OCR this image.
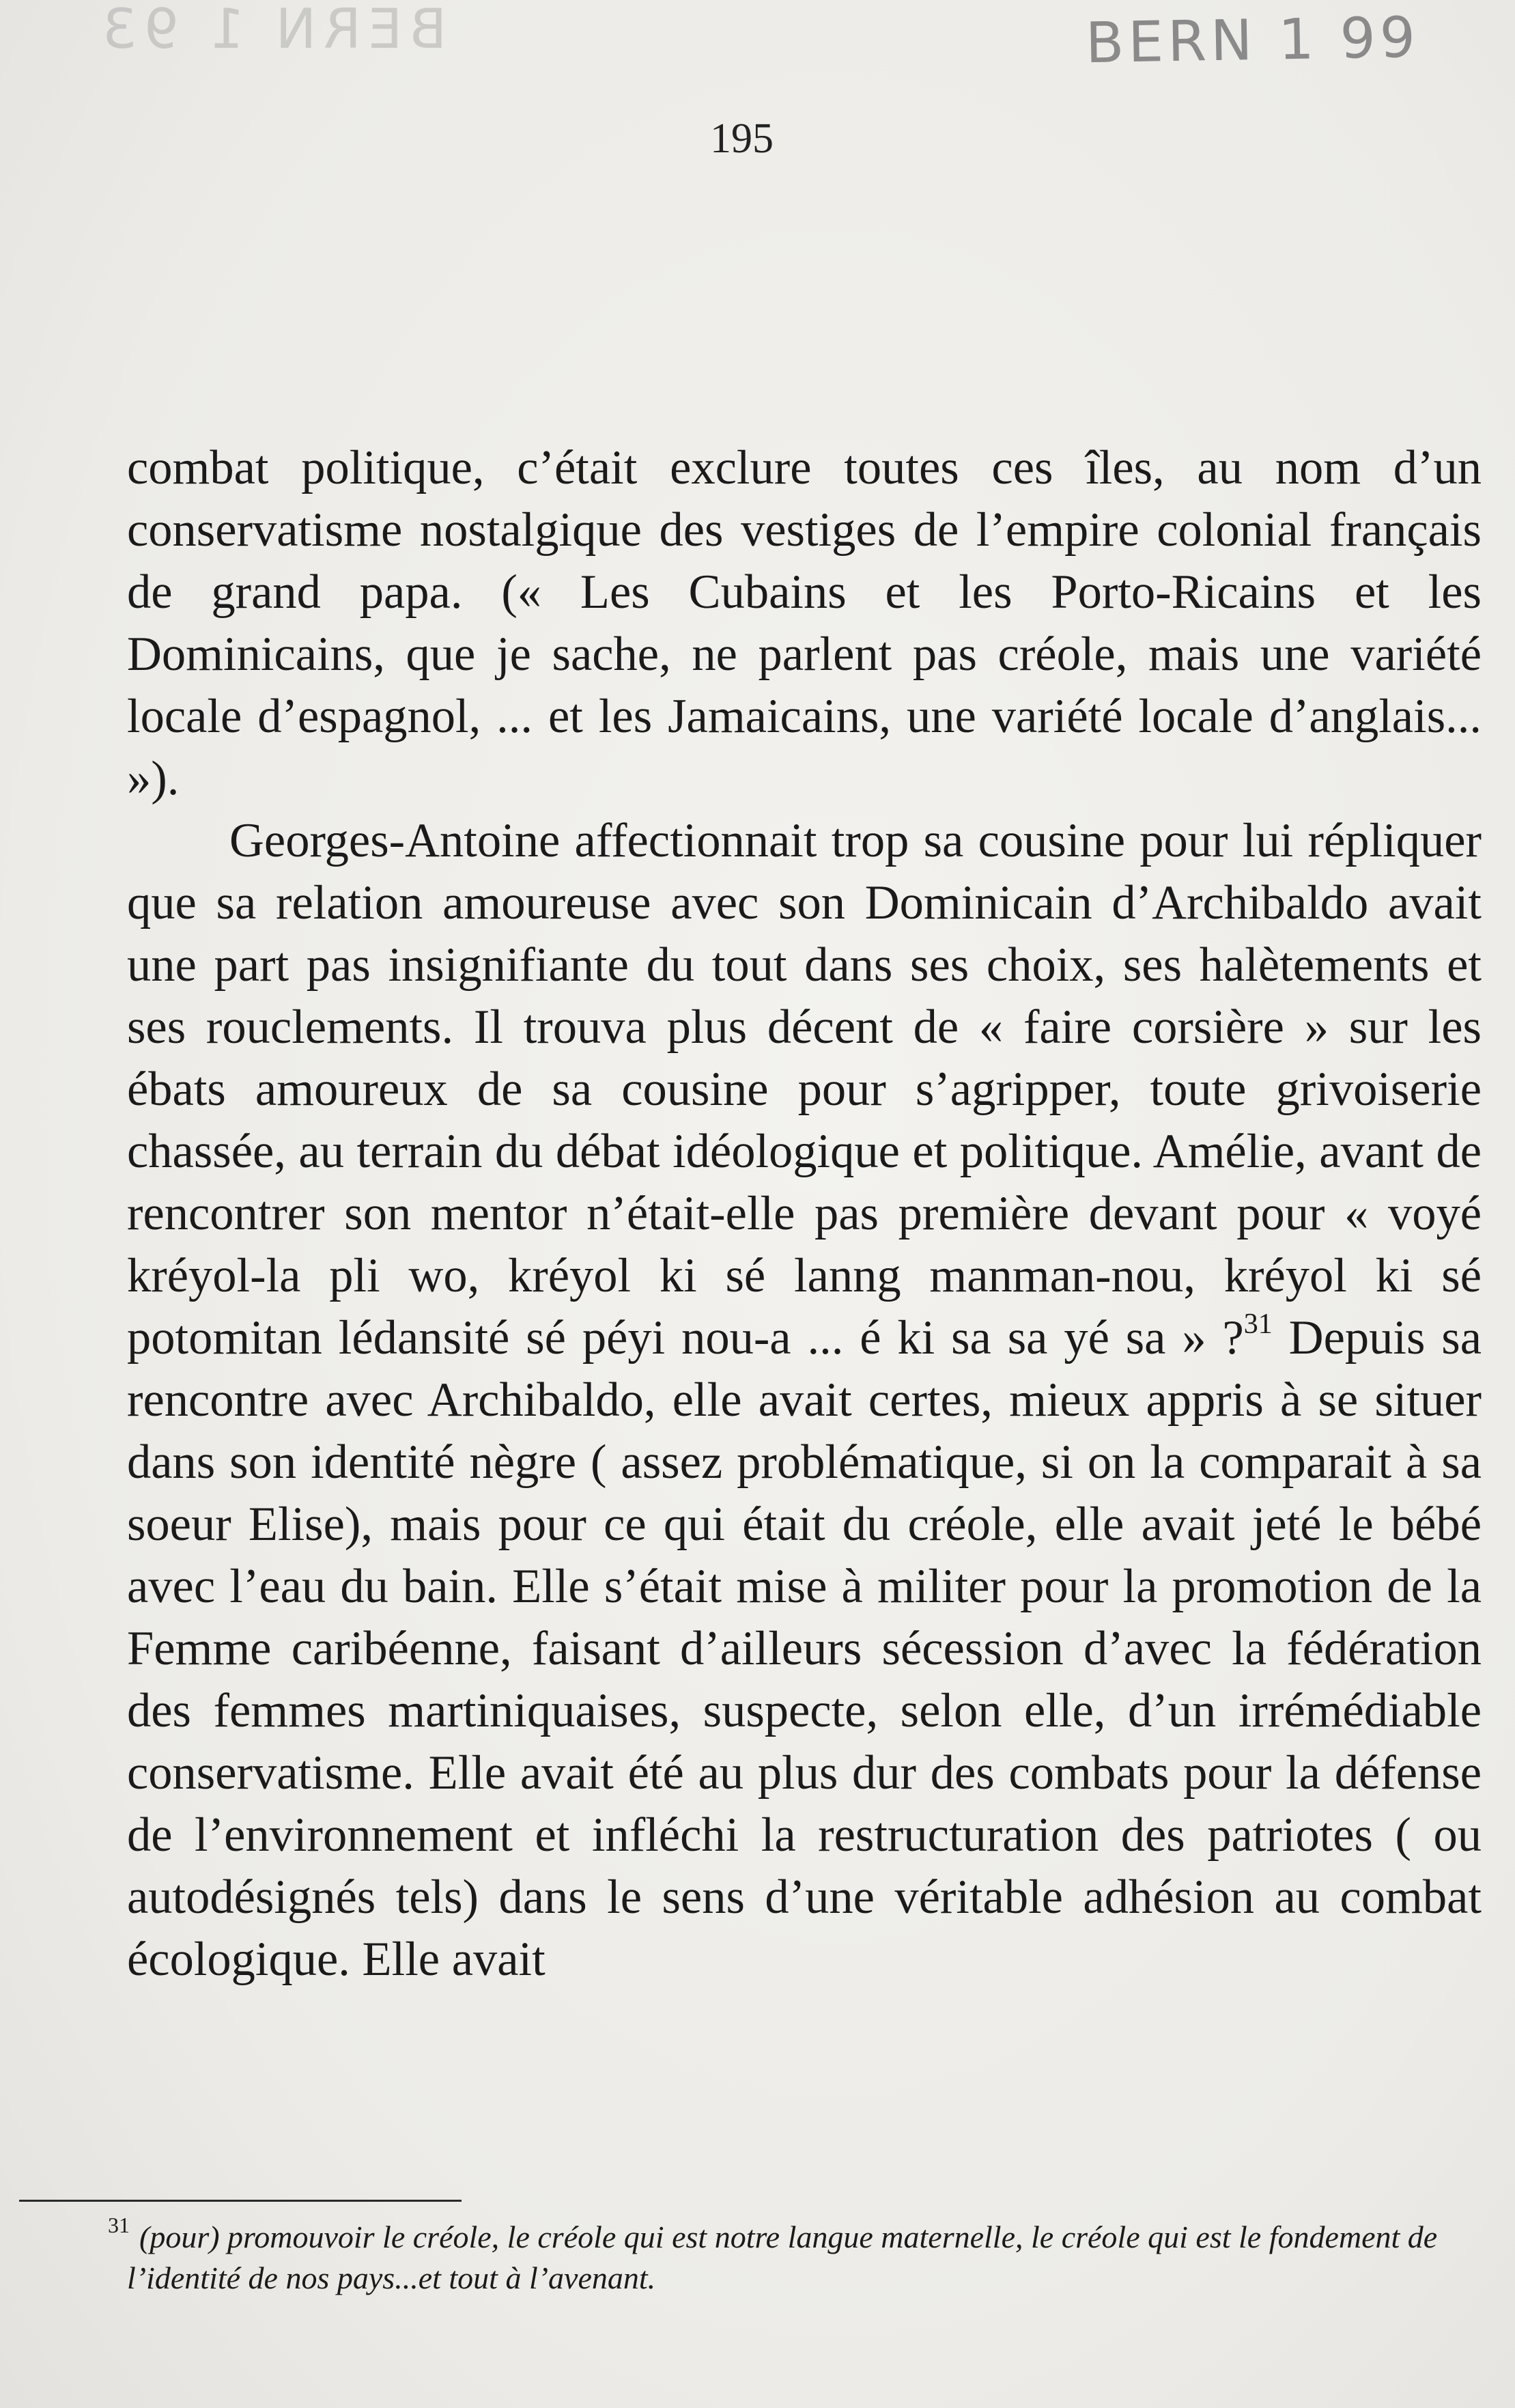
BERN 1 93	BERN 1 99
195

combat politique, c’était exclure toutes ces îles, au nom d’un conservatisme nostalgique des vestiges de l’empire colonial français de grand papa. (« Les Cubains et les Porto-Ricains et les Dominicains, que je sache, ne parlent pas créole, mais une variété locale d’espagnol, ... et les Jamaicains, une variété locale d’anglais... »).

Georges-Antoine affectionnait trop sa cousine pour lui répliquer que sa relation amoureuse avec son Dominicain d’Archibaldo avait une part pas insignifiante du tout dans ses choix, ses halètements et ses rouclements. Il trouva plus décent de « faire corsière » sur les ébats amoureux de sa cousine pour s’agripper, toute grivoiserie chassée, au terrain du débat idéologique et politique. Amélie, avant de rencontrer son mentor n’était-elle pas première devant pour « voyé kréyol-la pli wo, kréyol ki sé lanng manman-nou, kréyol ki sé potomitan lédansité sé péyi nou-a ... é ki sa sa yé sa » ?$^{31}$ Depuis sa rencontre avec Archibaldo, elle avait certes, mieux appris à se situer dans son identité nègre ( assez problématique, si on la comparait à sa soeur Elise), mais pour ce qui était du créole, elle avait jeté le bébé avec l’eau du bain. Elle s’était mise à militer pour la promotion de la Femme caribéenne, faisant d’ailleurs sécession d’avec la fédération des femmes martiniquaises, suspecte, selon elle, d’un irrémédiable conservatisme. Elle avait été au plus dur des combats pour la défense de l’environnement et infléchi la restructuration des patriotes ( ou autodésignés tels) dans le sens d’une véritable adhésion au combat écologique. Elle avait

$^{31}$ (pour) promouvoir le créole, le créole qui est notre langue maternelle, le créole qui est le fondement de l’identité de nos pays...et tout à l’avenant.
